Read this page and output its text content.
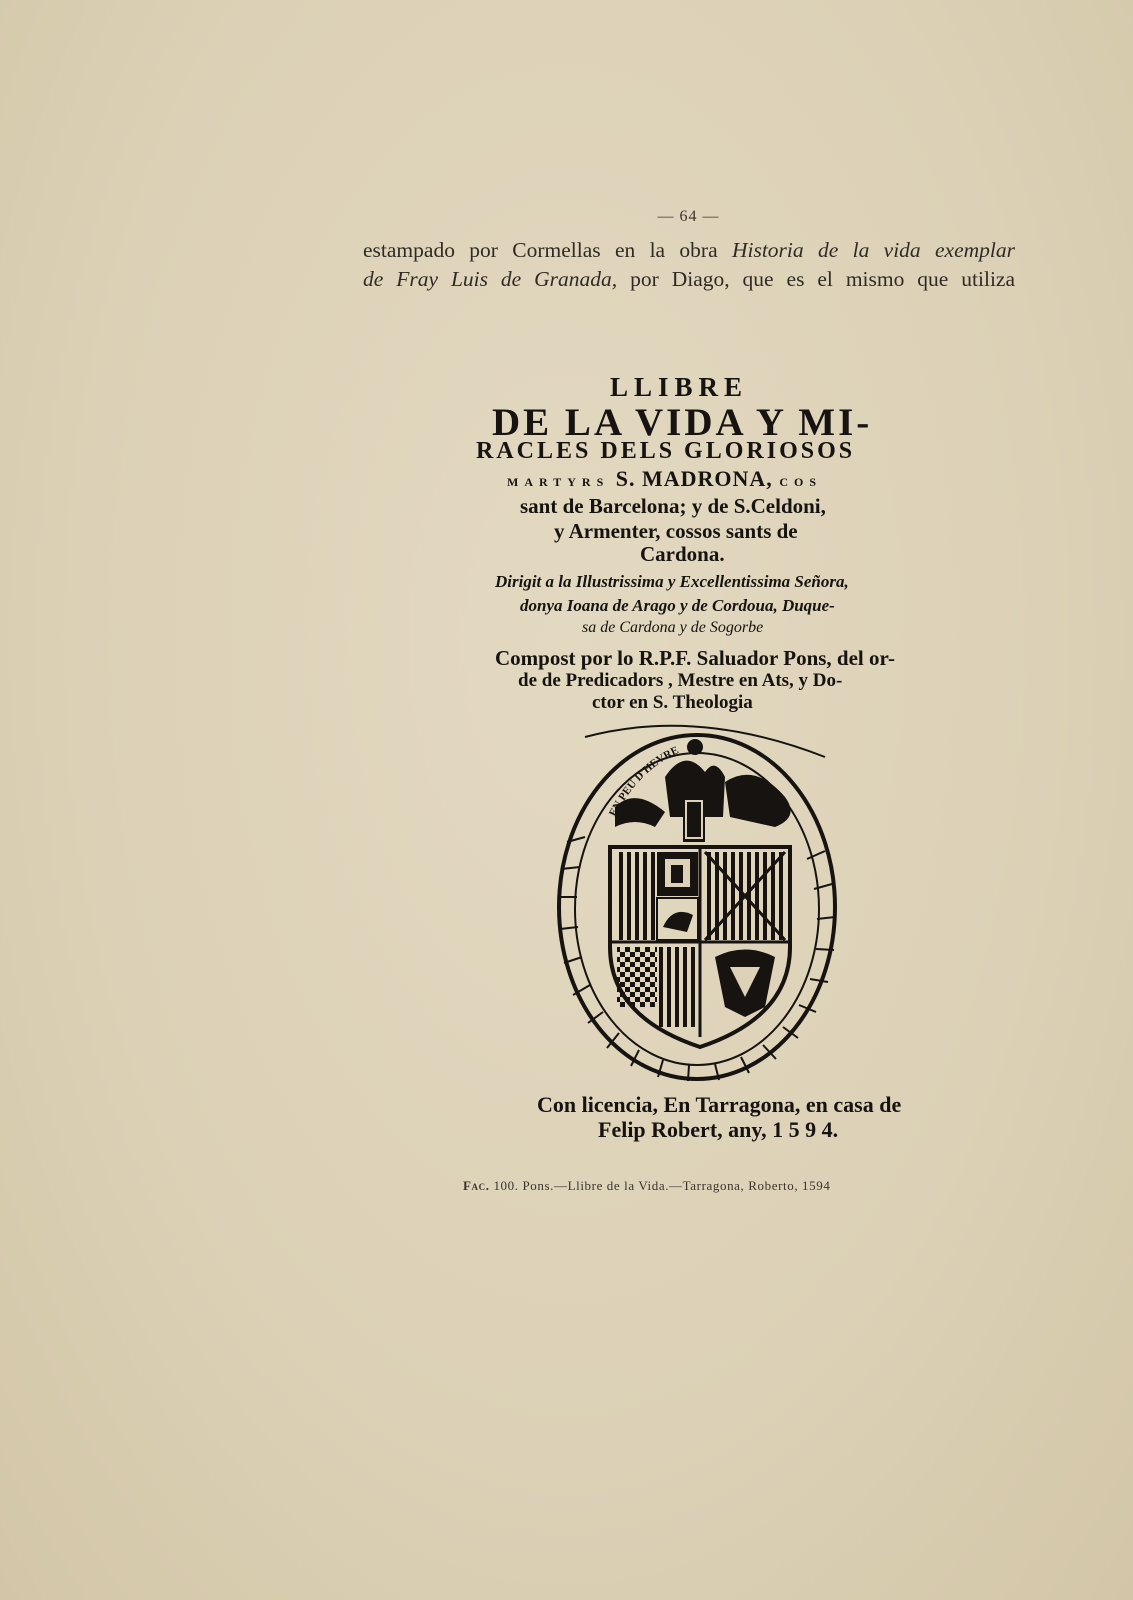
— 64 —
estampado por Cormellas en la obra Historia de la vida exemplar
de Fray Luis de Granada, por Diago, que es el mismo que utiliza
LLIBRE
DE LA VIDA Y MI-
RACLES DELS GLORIOSOS
MARTYRS S. MADRONA, COS
sant de Barcelona; y de S.Celdoni,
y Armenter, cossos sants de
Cardona.
Dirigit a la Illustrissima y Excellentissima Señora,
donya Ioana de Arago y de Cordoua, Duque-
sa de Cardona y de Sogorbe
Compost por lo R.P.F. Saluador Pons, del or-
de de Predicadors , Mestre en Ats, y Do-
ctor en S. Theologia
EN PEU D'HEVRE
Con licencia, En Tarragona, en casa de
Felip Robert, any, 1 5 9 4.
Fac. 100. Pons.—Llibre de la Vida.—Tarragona, Roberto, 1594
